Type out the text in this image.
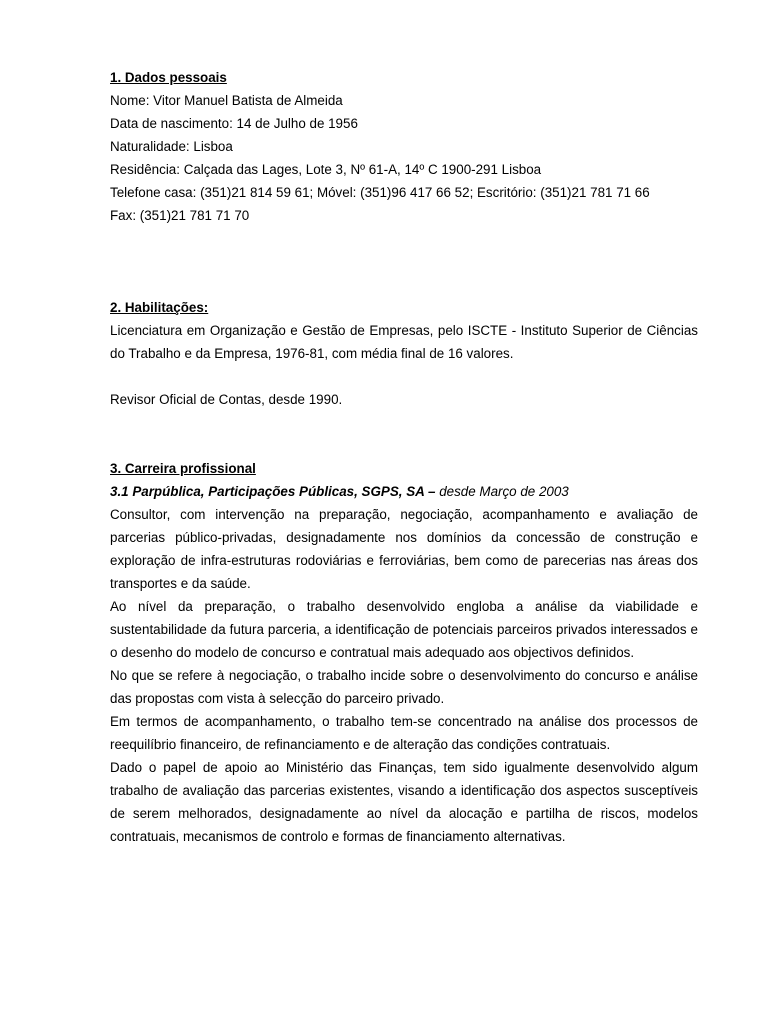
1. Dados pessoais

Nome: Vitor Manuel Batista de Almeida

Data de nascimento: 14 de Julho de 1956

Naturalidade: Lisboa

Residência: Calçada das Lages, Lote 3, Nº 61-A, 14º C 1900-291 Lisboa

Telefone casa: (351)21 814 59 61; Móvel: (351)96 417 66 52; Escritório: (351)21 781 71 66

Fax: (351)21 781 71 70

2. Habilitações:

Licenciatura em Organização e Gestão de Empresas, pelo ISCTE - Instituto Superior de Ciências do Trabalho e da Empresa, 1976-81, com média final de 16 valores.

Revisor Oficial de Contas, desde 1990.

3. Carreira profissional

3.1 Parpública, Participações Públicas, SGPS, SA – desde Março de 2003

Consultor, com intervenção na preparação, negociação, acompanhamento e avaliação de parcerias público-privadas, designadamente nos domínios da concessão de construção e exploração de infra-estruturas rodoviárias e ferroviárias, bem como de parecerias nas áreas dos transportes e da saúde.

Ao nível da preparação, o trabalho desenvolvido engloba a análise da viabilidade e sustentabilidade da futura parceria, a identificação de potenciais parceiros privados interessados e o desenho do modelo de concurso e contratual mais adequado aos objectivos definidos.

No que se refere à negociação, o trabalho incide sobre o desenvolvimento do concurso e análise das propostas com vista à selecção do parceiro privado.

Em termos de acompanhamento, o trabalho tem-se concentrado na análise dos processos de reequilíbrio financeiro, de refinanciamento e de alteração das condições contratuais.

Dado o papel de apoio ao Ministério das Finanças, tem sido igualmente desenvolvido algum trabalho de avaliação das parcerias existentes, visando a identificação dos aspectos susceptíveis de serem melhorados, designadamente ao nível da alocação e partilha de riscos, modelos contratuais, mecanismos de controlo e formas de financiamento alternativas.
